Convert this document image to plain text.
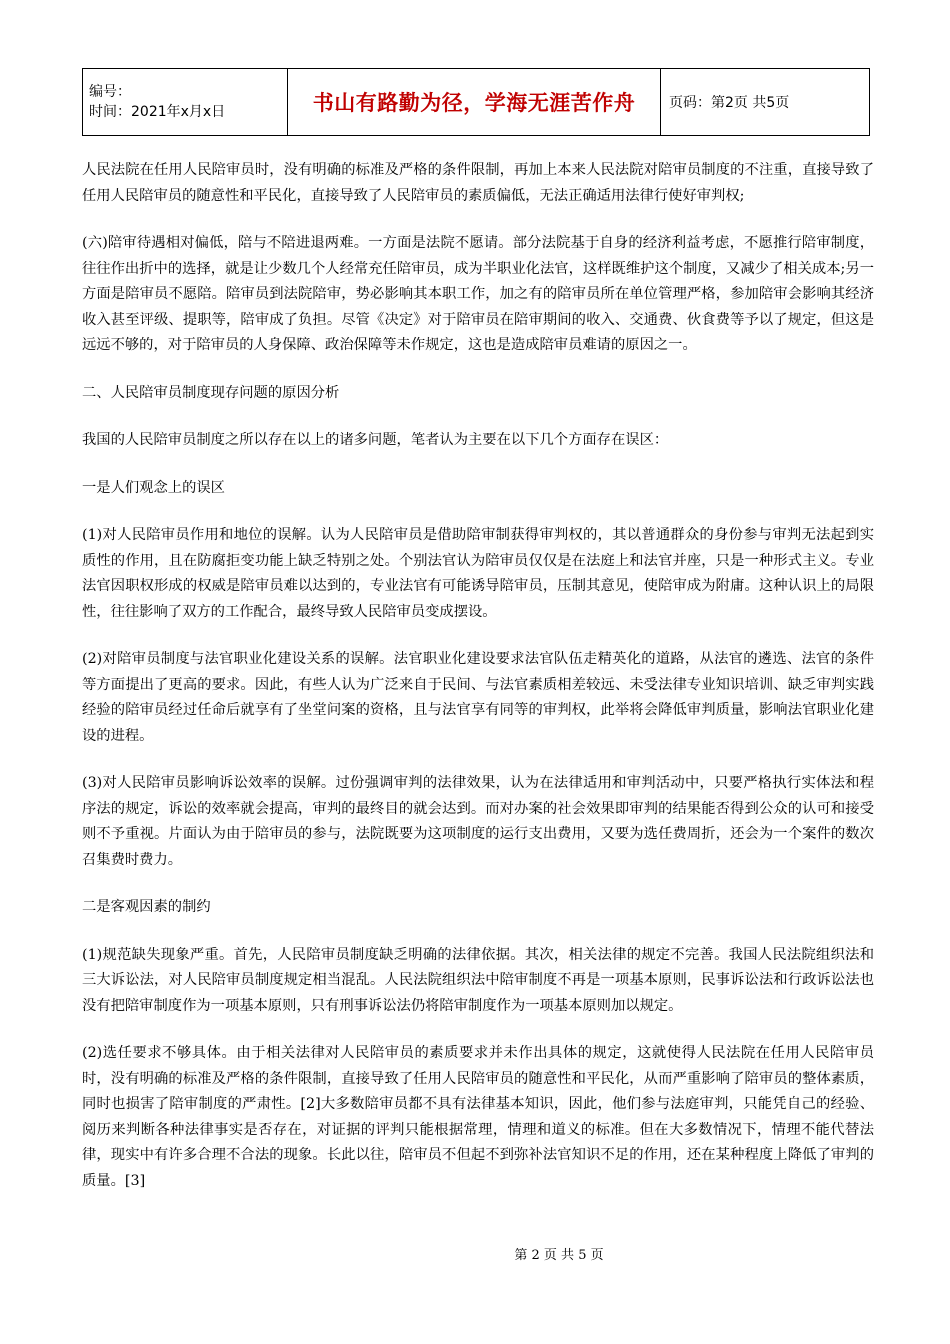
编号：
时间：2021年x月x日	书山有路勤为径，学海无涯苦作舟	页码：第2页 共5页

人民法院在任用人民陪审员时，没有明确的标准及严格的条件限制，再加上本来人民法院对陪审员制度的不注重，直接导致了任用人民陪审员的随意性和平民化，直接导致了人民陪审员的素质偏低，无法正确适用法律行使好审判权;

(六)陪审待遇相对偏低，陪与不陪进退两难。一方面是法院不愿请。部分法院基于自身的经济利益考虑，不愿推行陪审制度，往往作出折中的选择，就是让少数几个人经常充任陪审员，成为半职业化法官，这样既维护这个制度，又减少了相关成本;另一方面是陪审员不愿陪。陪审员到法院陪审，势必影响其本职工作，加之有的陪审员所在单位管理严格，参加陪审会影响其经济收入甚至评级、提职等，陪审成了负担。尽管《决定》对于陪审员在陪审期间的收入、交通费、伙食费等予以了规定，但这是远远不够的，对于陪审员的人身保障、政治保障等未作规定，这也是造成陪审员难请的原因之一。

二、人民陪审员制度现存问题的原因分析

我国的人民陪审员制度之所以存在以上的诸多问题，笔者认为主要在以下几个方面存在误区：

一是人们观念上的误区

(1)对人民陪审员作用和地位的误解。认为人民陪审员是借助陪审制获得审判权的，其以普通群众的身份参与审判无法起到实质性的作用，且在防腐拒变功能上缺乏特别之处。个别法官认为陪审员仅仅是在法庭上和法官并座，只是一种形式主义。专业法官因职权形成的权威是陪审员难以达到的，专业法官有可能诱导陪审员，压制其意见，使陪审成为附庸。这种认识上的局限性，往往影响了双方的工作配合，最终导致人民陪审员变成摆设。

(2)对陪审员制度与法官职业化建设关系的误解。法官职业化建设要求法官队伍走精英化的道路，从法官的遴选、法官的条件等方面提出了更高的要求。因此，有些人认为广泛来自于民间、与法官素质相差较远、未受法律专业知识培训、缺乏审判实践经验的陪审员经过任命后就享有了坐堂问案的资格，且与法官享有同等的审判权，此举将会降低审判质量，影响法官职业化建设的进程。

(3)对人民陪审员影响诉讼效率的误解。过份强调审判的法律效果，认为在法律适用和审判活动中，只要严格执行实体法和程序法的规定，诉讼的效率就会提高，审判的最终目的就会达到。而对办案的社会效果即审判的结果能否得到公众的认可和接受则不予重视。片面认为由于陪审员的参与，法院既要为这项制度的运行支出费用，又要为选任费周折，还会为一个案件的数次召集费时费力。

二是客观因素的制约

(1)规范缺失现象严重。首先，人民陪审员制度缺乏明确的法律依据。其次，相关法律的规定不完善。我国人民法院组织法和三大诉讼法，对人民陪审员制度规定相当混乱。人民法院组织法中陪审制度不再是一项基本原则，民事诉讼法和行政诉讼法也没有把陪审制度作为一项基本原则，只有刑事诉讼法仍将陪审制度作为一项基本原则加以规定。

(2)选任要求不够具体。由于相关法律对人民陪审员的素质要求并未作出具体的规定，这就使得人民法院在任用人民陪审员时，没有明确的标准及严格的条件限制，直接导致了任用人民陪审员的随意性和平民化，从而严重影响了陪审员的整体素质，同时也损害了陪审制度的严肃性。[2]大多数陪审员都不具有法律基本知识，因此，他们参与法庭审判，只能凭自己的经验、阅历来判断各种法律事实是否存在，对证据的评判只能根据常理，情理和道义的标准。但在大多数情况下，情理不能代替法律，现实中有许多合理不合法的现象。长此以往，陪审员不但起不到弥补法官知识不足的作用，还在某种程度上降低了审判的质量。[3]

第 2 页 共 5 页
